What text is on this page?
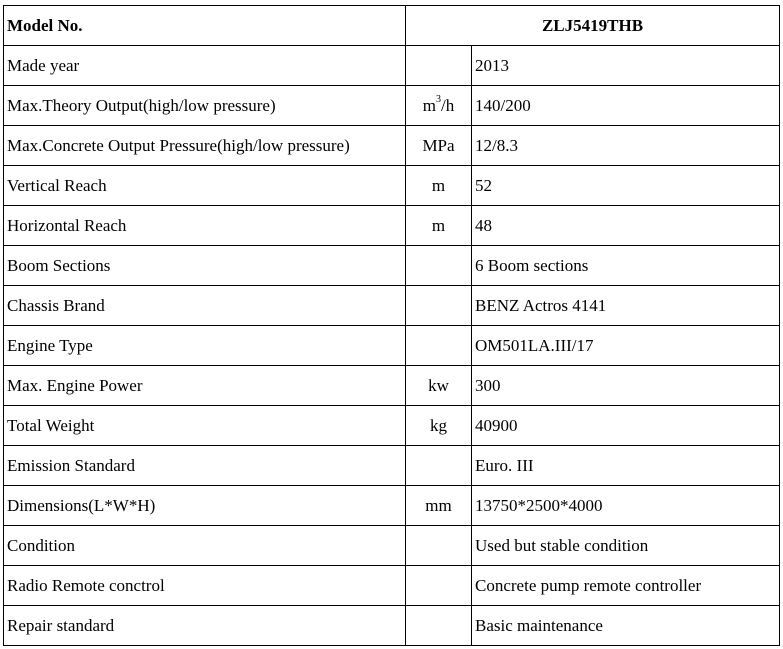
Model No.	ZLJ5419THB	
Made year		2013
Max.Theory Output(high/low pressure)	$m^3/h$	140/200
Max.Concrete Output Pressure(high/low pressure)	MPa	12/8.3
Vertical Reach	m	52
Horizontal Reach	m	48
Boom Sections		6 Boom sections
Chassis Brand		BENZ Actros 4141
Engine Type		OM501LA.III/17
Max. Engine Power	kw	300
Total Weight	kg	40900
Emission Standard		Euro. III
Dimensions(L*W*H)	mm	13750*2500*4000
Condition		Used but stable condition
Radio Remote conctrol		Concrete pump remote controller
Repair standard		Basic maintenance
